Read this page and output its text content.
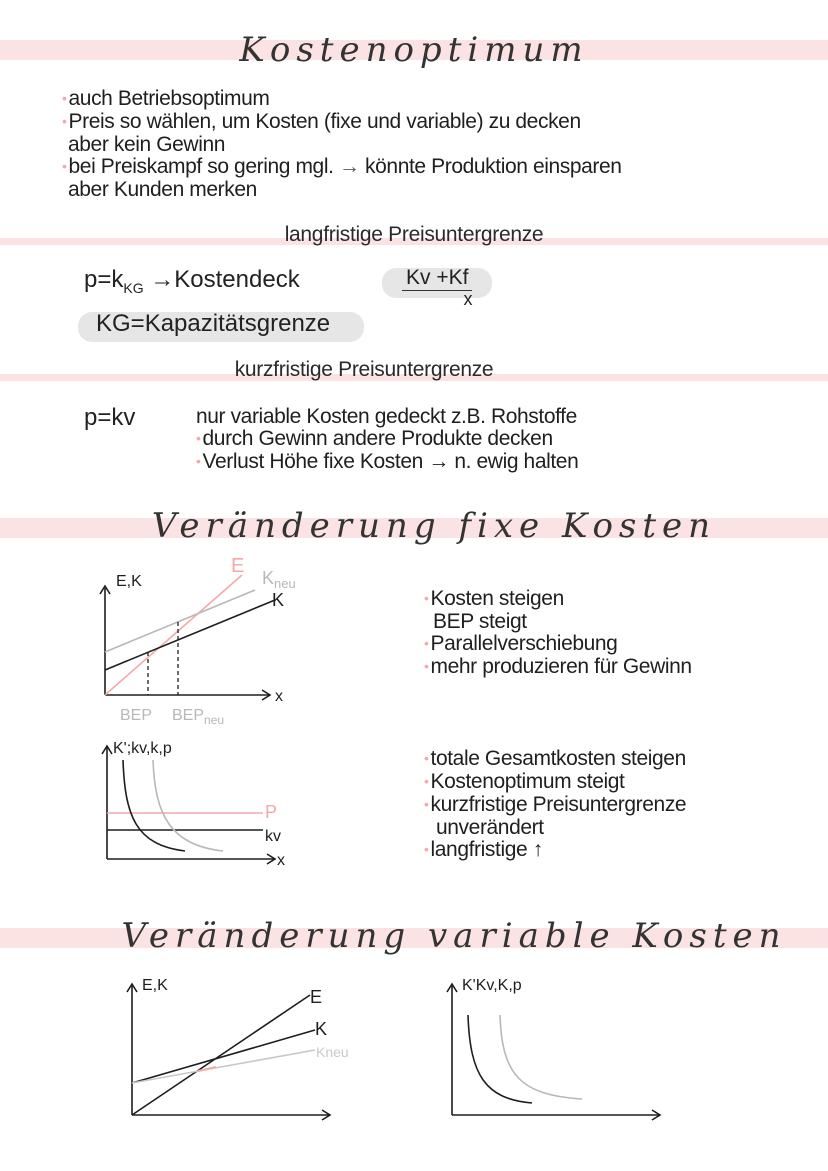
Kostenoptimum
•auch Betriebsoptimum
•Preis so wählen, um Kosten (fixe und variable) zu decken
aber kein Gewinn
•bei Preiskampf so gering mgl. → könnte Produktion einsparen
aber Kunden merken
langfristige Preisuntergrenze
$p=k_{KG}$ →Kostendeck	Kv +Kf
x
KG=Kapazitätsgrenze
kurzfristige Preisuntergrenze
p=kv	nur variable Kosten gedeckt z.B. Rohstoffe
•durch Gewinn andere Produkte decken
•Verlust Höhe fixe Kosten → n. ewig halten
Veränderung fixe Kosten
E,K
x
E
$K_{neu}$
K
BEP $BEP_{neu}$
•Kosten steigen
BEP steigt
•Parallelverschiebung
•mehr produzieren für Gewinn
K';kv,k,p
P
kv
x
•totale Gesamtkosten steigen
•Kostenoptimum steigt
•kurzfristige Preisuntergrenze
unverändert
•langfristige ↑
Veränderung variable Kosten
E,K
E
K
Kneu
K'Kv,K,p
